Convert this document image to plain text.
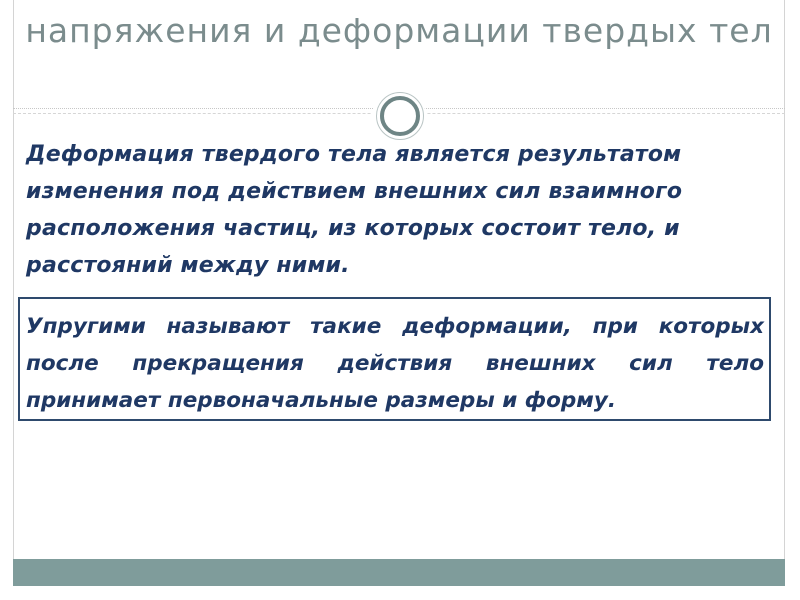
напряжения и деформации твердых тел
Деформация твердого тела является результатом изменения под действием внешних сил взаимного расположения частиц, из которых состоит тело, и расстояний между ними.
Упругими называют такие деформации, при которых после прекращения действия внешних сил тело принимает первоначальные размеры и форму.
